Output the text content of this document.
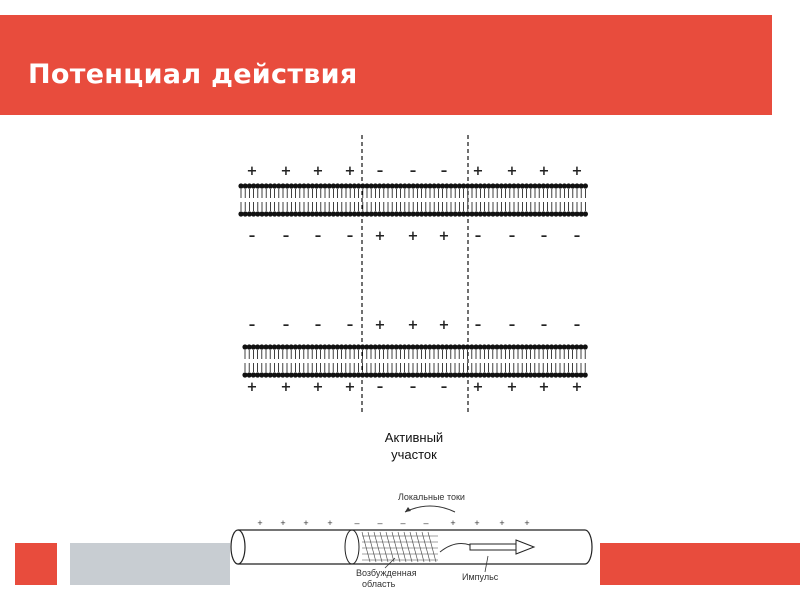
Потенциал действия
+ + + + – – – + + + +
– – – – + + + – – – –
– – – – + + + – – – –
+ + + + – – – + + + +
Активный
участок
Локальные токи
+ + + + – – – – + + + +
Возбужденная
область
Импульс
